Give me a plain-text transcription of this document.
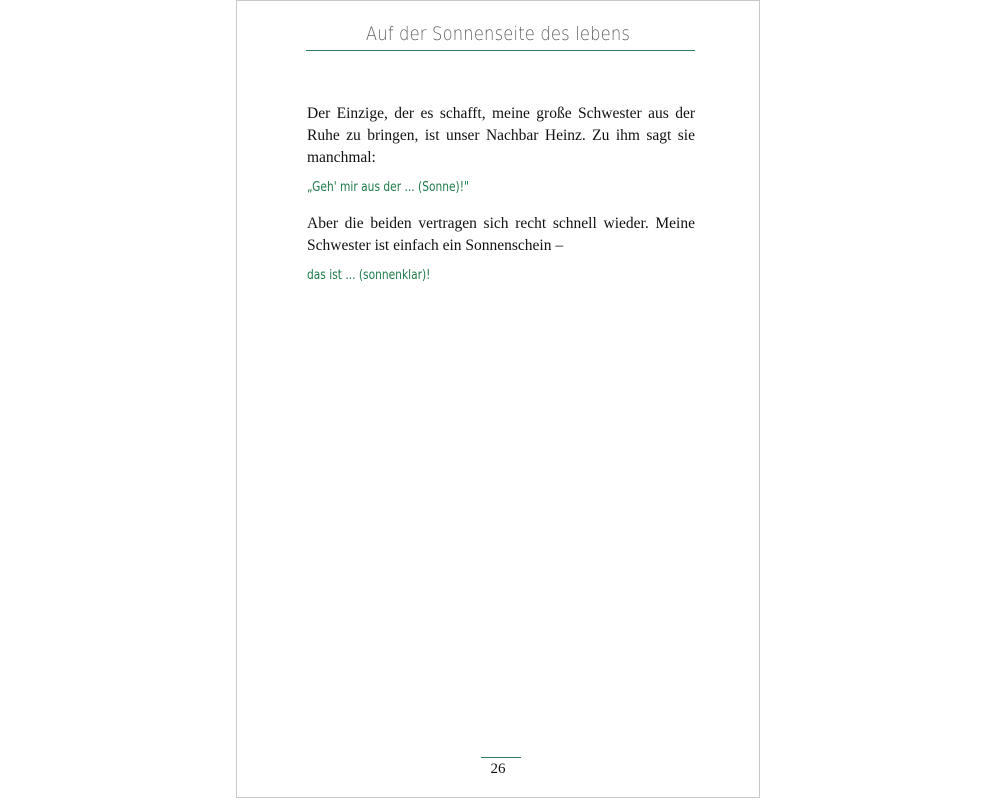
Auf der Sonnenseite des lebens

Der Einzige, der es schafft, meine große Schwester aus der Ruhe zu bringen, ist unser Nachbar Heinz. Zu ihm sagt sie manchmal:

„Geh' mir aus der ... (Sonne)!"

Aber die beiden vertragen sich recht schnell wieder. Meine Schwester ist einfach ein Sonnenschein –

das ist ... (sonnenklar)!
26
